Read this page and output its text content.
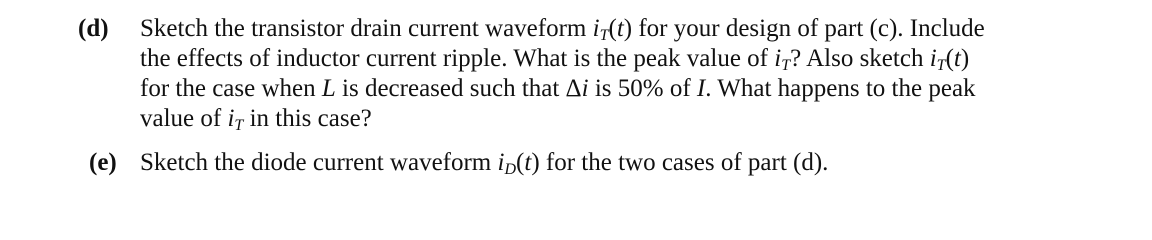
(d) Sketch the transistor drain current waveform $i_T(t)$ for your design of part (c). Include
the effects of inductor current ripple. What is the peak value of $i_T$? Also sketch $i_T(t)$
for the case when L is decreased such that Δi is 50% of I. What happens to the peak
value of $i_T$ in this case?
(e) Sketch the diode current waveform $i_D(t)$ for the two cases of part (d).
